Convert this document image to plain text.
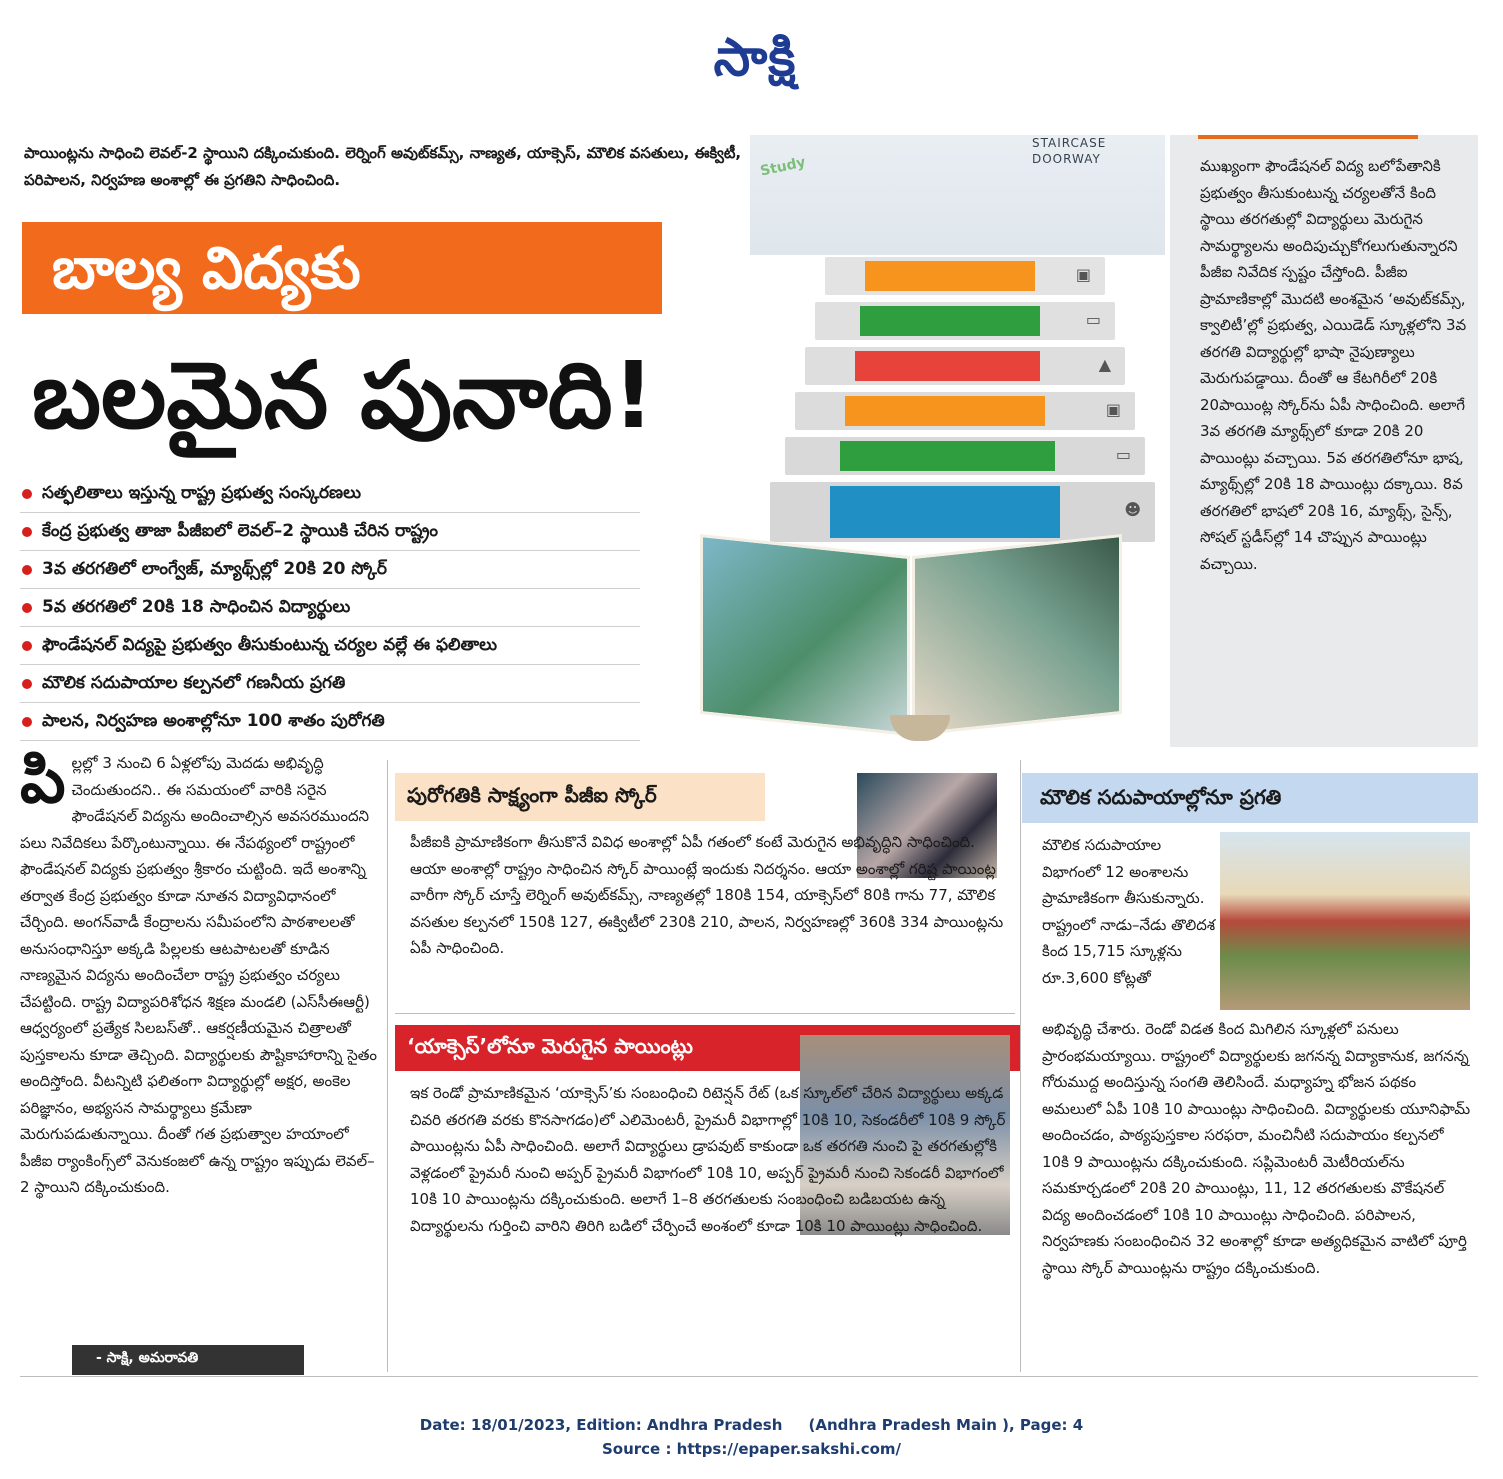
సాక్షి

పాయింట్లను సాధించి లెవల్‌-2 స్థాయిని దక్కించుకుంది. లెర్నింగ్‌ అవుట్‌కమ్స్, నాణ్యత, యాక్సెస్, మౌలిక వసతులు, ఈక్విటీ, పరిపాలన, నిర్వహణ అంశాల్లో ఈ ప్రగతిని సాధించింది.

బాల్య విద్యకు
బలమైన పునాది!
సత్ఫలితాలు ఇస్తున్న రాష్ట్ర ప్రభుత్వ సంస్కరణలు
కేంద్ర ప్రభుత్వ తాజా పీజీఐలో లెవల్‌–2 స్థాయికి చేరిన రాష్ట్రం
3వ తరగతిలో లాంగ్వేజ్, మ్యాథ్స్‌ల్లో 20కి 20 స్కోర్‌
5వ తరగతిలో 20కి 18 సాధించిన విద్యార్థులు
ఫౌండేషనల్‌ విద్యపై ప్రభుత్వం తీసుకుంటున్న చర్యల వల్లే ఈ ఫలితాలు
మౌలిక సదుపాయాల కల్పనలో గణనీయ ప్రగతి
పాలన, నిర్వహణ అంశాల్లోనూ 100 శాతం పురోగతి
Study
STAIRCASE DOORWAY
▣
▭
▲
▣
▭
☻

ముఖ్యంగా ఫౌండేషనల్‌ విద్య బలోపేతానికి ప్రభుత్వం తీసుకుంటున్న చర్యలతోనే కింది స్థాయి తరగతుల్లో విద్యార్థులు మెరుగైన సామర్థ్యాలను అందిపుచ్చుకోగలుగుతున్నారని పీజీఐ నివేదిక స్పష్టం చేస్తోంది. పీజీఐ ప్రామాణికాల్లో మొదటి అంశమైన ‘అవుట్‌కమ్స్, క్వాలిటీ’ల్లో ప్రభుత్వ, ఎయిడెడ్‌ స్కూళ్లలోని 3వ తరగతి విద్యార్థుల్లో భాషా నైపుణ్యాలు మెరుగుపడ్డాయి. దీంతో ఆ కేటగిరీలో 20కి 20పాయింట్ల స్కోర్‌ను ఏపీ సాధించింది. అలాగే 3వ తరగతి మ్యాథ్స్‌లో కూడా 20కి 20 పాయింట్లు వచ్చాయి. 5వ తరగతిలోనూ భాష, మ్యాథ్స్‌ల్లో 20కి 18 పాయింట్లు దక్కాయి. 8వ తరగతిలో భాషలో 20కి 16, మ్యాథ్స్, సైన్స్, సోషల్‌ స్టడీస్‌ల్లో 14 చొప్పున పాయింట్లు వచ్చాయి.

పి ల్లల్లో 3 నుంచి 6 ఏళ్లలోపు మెదడు అభివృద్ధి చెందుతుందని.. ఈ సమయంలో వారికి సరైన ఫౌండేషనల్‌ విద్యను అందించాల్సిన అవసరముందని పలు నివేదికలు పేర్కొంటున్నాయి. ఈ నేపథ్యంలో రాష్ట్రంలో ఫౌండేషనల్‌ విద్యకు ప్రభుత్వం శ్రీకారం చుట్టింది. ఇదే అంశాన్ని తర్వాత కేంద్ర ప్రభుత్వం కూడా నూతన విద్యావిధానంలో చేర్చింది. అంగన్‌వాడీ కేంద్రాలను సమీపంలోని పాఠశాలలతో అనుసంధానిస్తూ అక్కడి పిల్లలకు ఆటపాటలతో కూడిన నాణ్యమైన విద్యను అందించేలా రాష్ట్ర ప్రభుత్వం చర్యలు చేపట్టింది. రాష్ట్ర విద్యాపరిశోధన శిక్షణ మండలి (ఎస్‌సీఈఆర్టీ) ఆధ్వర్యంలో ప్రత్యేక సిలబస్‌తో.. ఆకర్షణీయమైన చిత్రాలతో పుస్తకాలను కూడా తెచ్చింది. విద్యార్థులకు పౌష్టికాహారాన్ని సైతం అందిస్తోంది. వీటన్నిటి ఫలితంగా విద్యార్థుల్లో అక్షర, అంకెల పరిజ్ఞానం, అభ్యసన సామర్థ్యాలు క్రమేణా మెరుగుపడుతున్నాయి. దీంతో గత ప్రభుత్వాల హయాంలో పీజీఐ ర్యాంకింగ్స్‌లో వెనుకంజలో ఉన్న రాష్ట్రం ఇప్పుడు లెవల్‌–2 స్థాయిని దక్కించుకుంది.
- సాక్షి, అమరావతి
పురోగతికి సాక్ష్యంగా పీజీఐ స్కోర్‌

పీజీఐకి ప్రామాణికంగా తీసుకొనే వివిధ అంశాల్లో ఏపీ గతంలో కంటే మెరుగైన అభివృద్ధిని సాధించింది. ఆయా అంశాల్లో రాష్ట్రం సాధించిన స్కోర్‌ పాయింట్లే ఇందుకు నిదర్శనం. ఆయా అంశాల్లో గరిష్ట పాయింట్ల వారీగా స్కోర్‌ చూస్తే లెర్నింగ్‌ అవుట్‌కమ్స్, నాణ్యతల్లో 180కి 154, యాక్సెస్‌లో 80కి గాను 77, మౌలిక వసతుల కల్పనలో 150కి 127, ఈక్విటీలో 230కి 210, పాలన, నిర్వహణల్లో 360కి 334 పాయింట్లను ఏపీ సాధించింది.

‘యాక్సెస్‌’లోనూ మెరుగైన పాయింట్లు

ఇక రెండో ప్రామాణికమైన ‘యాక్సెస్‌’కు సంబంధించి రిటెన్షన్‌ రేట్‌ (ఒక స్కూల్‌లో చేరిన విద్యార్థులు అక్కడ చివరి తరగతి వరకు కొనసాగడం)లో ఎలిమెంటరీ, ప్రైమరీ విభాగాల్లో 10కి 10, సెకండరీలో 10కి 9 స్కోర్‌ పాయింట్లను ఏపీ సాధించింది. అలాగే విద్యార్థులు డ్రాపవుట్‌ కాకుండా ఒక తరగతి నుంచి పై తరగతుల్లోకి వెళ్లడంలో ప్రైమరీ నుంచి అప్పర్‌ ప్రైమరీ విభాగంలో 10కి 10, అప్పర్‌ ప్రైమరీ నుంచి సెకండరీ విభాగంలో 10కి 10 పాయింట్లను దక్కించుకుంది. అలాగే 1–8 తరగతులకు సంబంధించి బడిబయట ఉన్న విద్యార్థులను గుర్తించి వారిని తిరిగి బడిలో చేర్పించే అంశంలో కూడా 10కి 10 పాయింట్లు సాధించింది.

మౌలిక సదుపాయాల్లోనూ ప్రగతి

మౌలిక సదుపాయాల విభాగంలో 12 అంశాలను ప్రామాణికంగా తీసుకున్నారు. రాష్ట్రంలో నాడు–నేడు తొలిదశ కింద 15,715 స్కూళ్లను రూ.3,600 కోట్లతో

అభివృద్ధి చేశారు. రెండో విడత కింద మిగిలిన స్కూళ్లలో పనులు ప్రారంభమయ్యాయి. రాష్ట్రంలో విద్యార్థులకు జగనన్న విద్యాకానుక, జగనన్న గోరుముద్ద అందిస్తున్న సంగతి తెలిసిందే. మధ్యాహ్న భోజన పథకం అమలులో ఏపీ 10కి 10 పాయింట్లు సాధించింది. విద్యార్థులకు యూనిఫామ్‌ అందించడం, పాఠ్యపుస్తకాల సరఫరా, మంచినీటి సదుపాయం కల్పనలో 10కి 9 పాయింట్లను దక్కించుకుంది. సప్లిమెంటరీ మెటీరియల్‌ను సమకూర్చడంలో 20కి 20 పాయింట్లు, 11, 12 తరగతులకు వొకేషనల్‌ విద్య అందించడంలో 10కి 10 పాయింట్లు సాధించింది. పరిపాలన, నిర్వహణకు సంబంధించిన 32 అంశాల్లో కూడా అత్యధికమైన వాటిలో పూర్తి స్థాయి స్కోర్‌ పాయింట్లను రాష్ట్రం దక్కించుకుంది.

Date: 18/01/2023, Edition: Andhra Pradesh     (Andhra Pradesh Main ), Page: 4
Source : https://epaper.sakshi.com/
